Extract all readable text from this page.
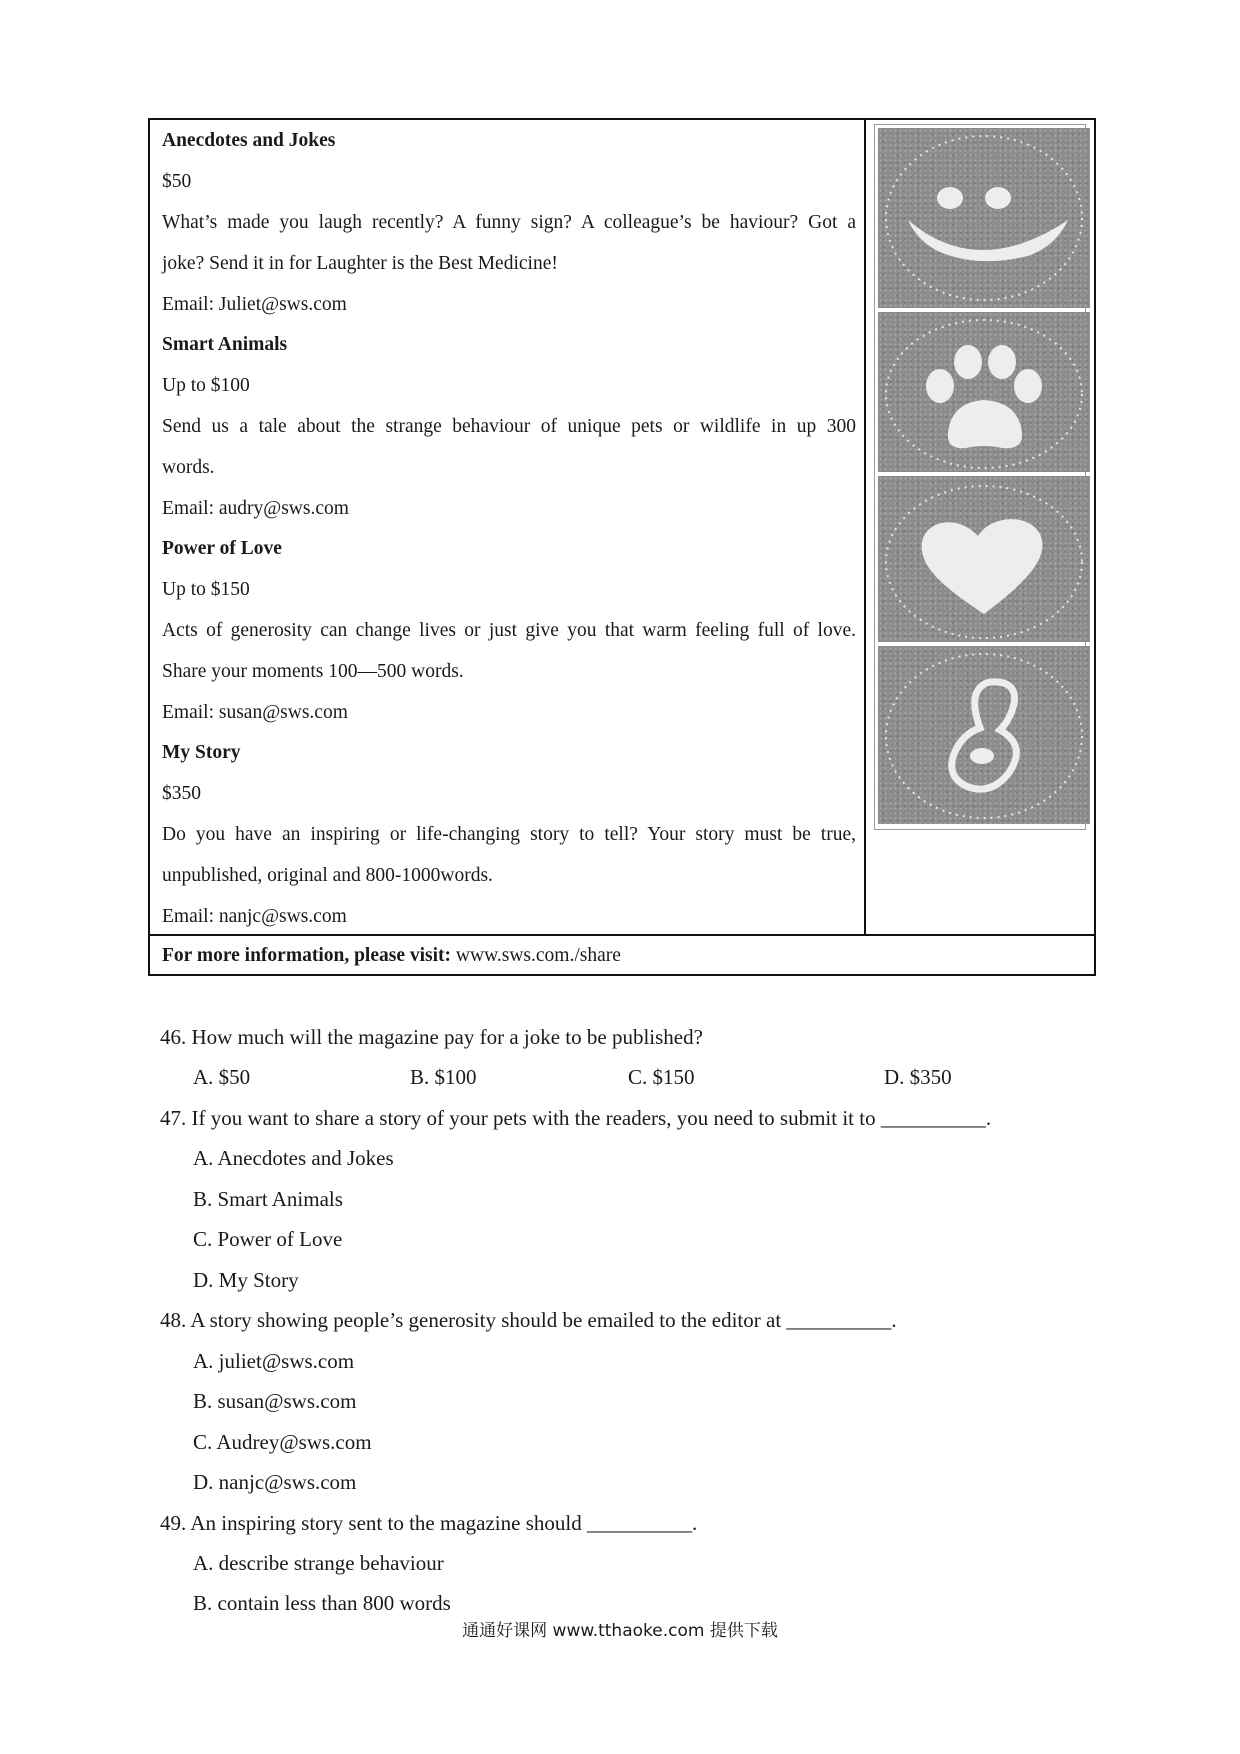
Anecdotes and Jokes
$50
What’s made you laugh recently? A funny sign? A colleague’s be haviour? Got a
joke? Send it in for Laughter is the Best Medicine!
Email: Juliet@sws.com
Smart Animals
Up to $100
Send us a tale about the strange behaviour of unique pets or wildlife in up 300
words.
Email: audry@sws.com
Power of Love
Up to $150
Acts of generosity can change lives or just give you that warm feeling full of love.
Share your moments 100—500 words.
Email: susan@sws.com
My Story
$350
Do you have an inspiring or life-changing story to tell? Your story must be true,
unpublished, original and 800-1000words.
Email: nanjc@sws.com
For more information, please visit: www.sws.com./share
46. How much will the magazine pay for a joke to be published?
A. $50	B. $100	C. $150	D. $350
47. If you want to share a story of your pets with the readers, you need to submit it to __________.
A. Anecdotes and Jokes
B. Smart Animals
C. Power of Love
D. My Story
48. A story showing people’s generosity should be emailed to the editor at __________.
A. juliet@sws.com
B. susan@sws.com
C. Audrey@sws.com
D. nanjc@sws.com
49. An inspiring story sent to the magazine should __________.
A. describe strange behaviour
B. contain less than 800 words
通通好课网 www.tthaoke.com 提供下载
